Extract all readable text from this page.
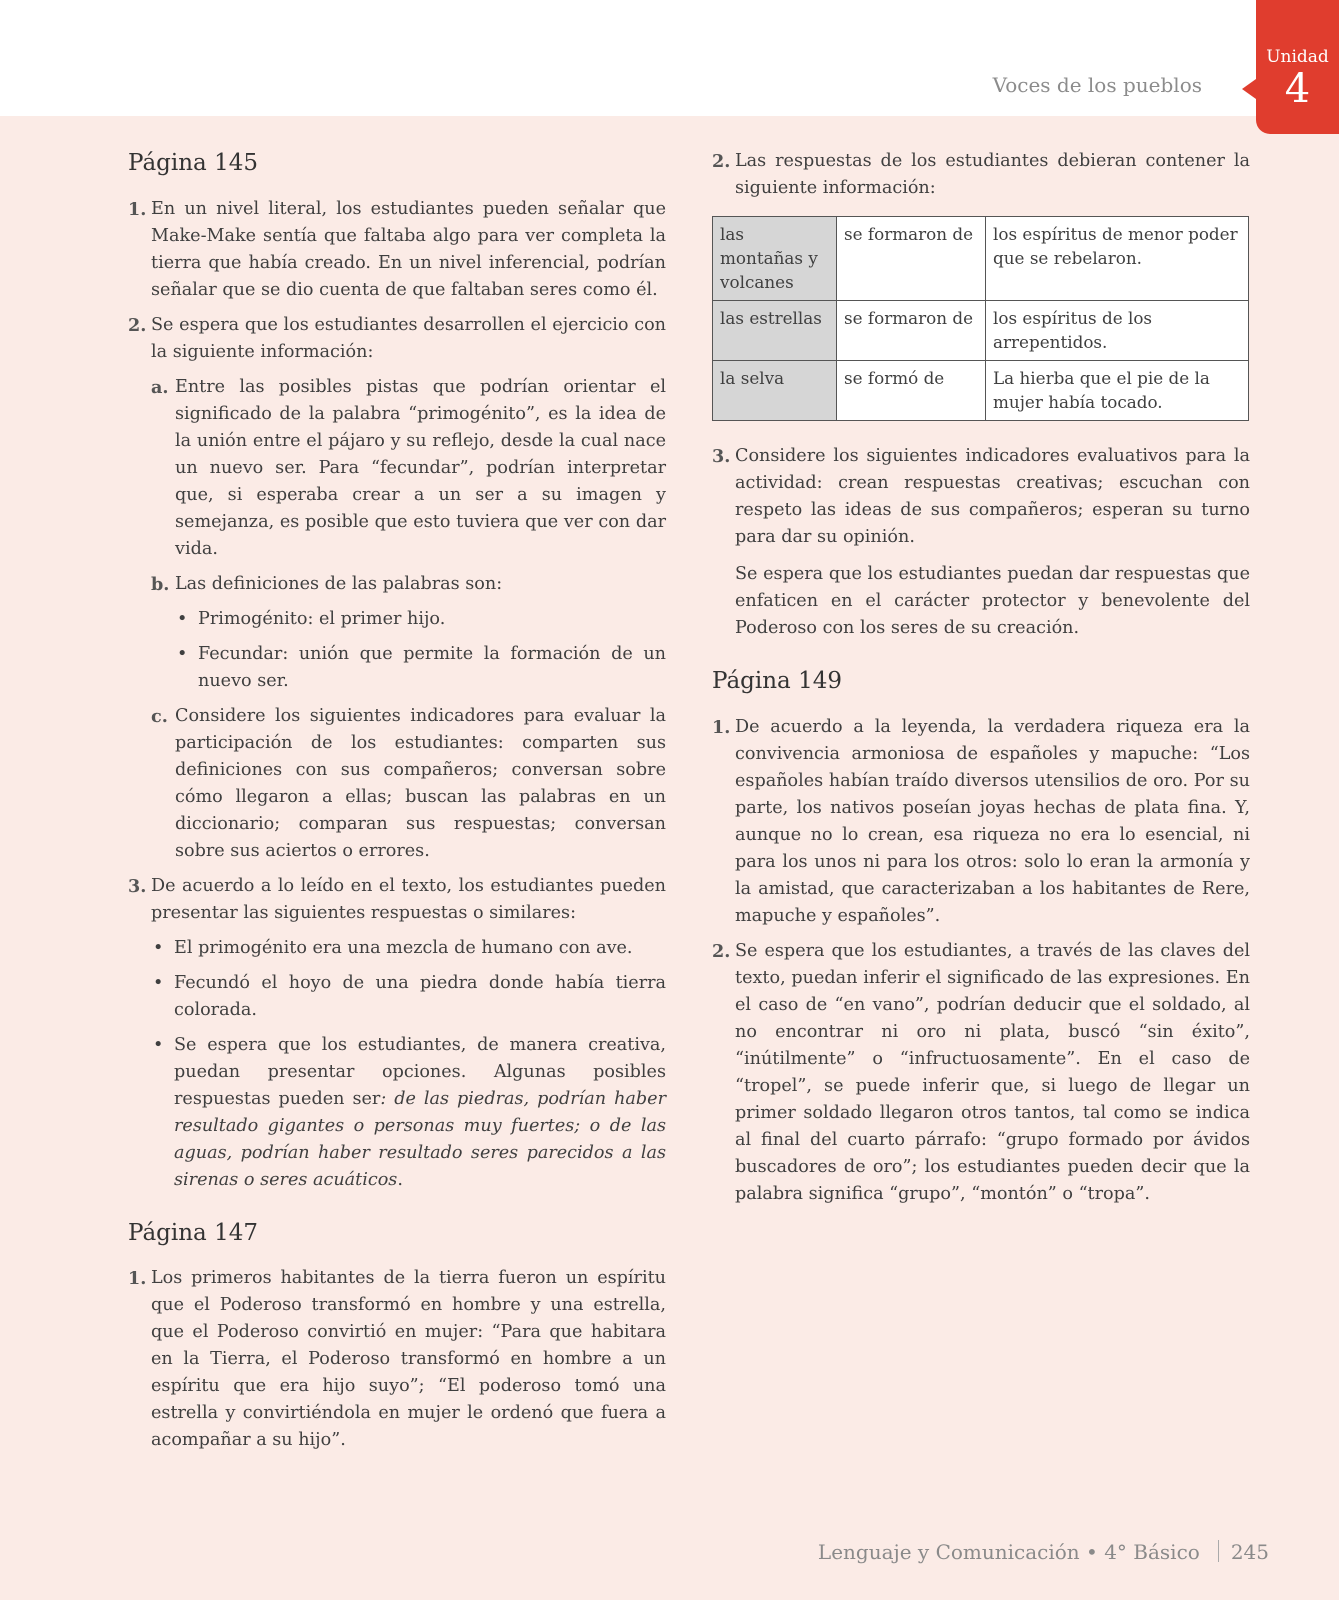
Voces de los pueblos
Unidad
4
Página 145
1. En un nivel literal, los estudiantes pueden señalar que Make-Make sentía que faltaba algo para ver completa la tierra que había creado. En un nivel inferencial, podrían señalar que se dio cuenta de que faltaban seres como él.
2. Se espera que los estudiantes desarrollen el ejercicio con la siguiente información:
a. Entre las posibles pistas que podrían orientar el significado de la palabra “primogénito”, es la idea de la unión entre el pájaro y su reflejo, desde la cual nace un nuevo ser. Para “fecundar”, podrían interpretar que, si esperaba crear a un ser a su imagen y semejanza, es posible que esto tuviera que ver con dar vida.
b. Las definiciones de las palabras son:
• Primogénito: el primer hijo.
• Fecundar: unión que permite la formación de un nuevo ser.
c. Considere los siguientes indicadores para evaluar la participación de los estudiantes: comparten sus definiciones con sus compañeros; conversan sobre cómo llegaron a ellas; buscan las palabras en un diccionario; comparan sus respuestas; conversan sobre sus aciertos o errores.
3. De acuerdo a lo leído en el texto, los estudiantes pueden presentar las siguientes respuestas o similares:
• El primogénito era una mezcla de humano con ave.
• Fecundó el hoyo de una piedra donde había tierra colorada.
• Se espera que los estudiantes, de manera creativa, puedan presentar opciones. Algunas posibles respuestas pueden ser: de las piedras, podrían haber resultado gigantes o personas muy fuertes; o de las aguas, podrían haber resultado seres parecidos a las sirenas o seres acuáticos.
Página 147
1. Los primeros habitantes de la tierra fueron un espíritu que el Poderoso transformó en hombre y una estrella, que el Poderoso convirtió en mujer: “Para que habitara en la Tierra, el Poderoso transformó en hombre a un espíritu que era hijo suyo”; “El poderoso tomó una estrella y convirtiéndola en mujer le ordenó que fuera a acompañar a su hijo”.
2. Las respuestas de los estudiantes debieran contener la siguiente información:
las montañas y volcanes	se formaron de	los espíritus de menor poder que se rebelaron.
las estrellas	se formaron de	los espíritus de los arrepentidos.
la selva	se formó de	La hierba que el pie de la mujer había tocado.
3. Considere los siguientes indicadores evaluativos para la actividad: crean respuestas creativas; escuchan con respeto las ideas de sus compañeros; esperan su turno para dar su opinión.
Se espera que los estudiantes puedan dar respuestas que enfaticen en el carácter protector y benevolente del Poderoso con los seres de su creación.
Página 149
1. De acuerdo a la leyenda, la verdadera riqueza era la convivencia armoniosa de españoles y mapuche: “Los españoles habían traído diversos utensilios de oro. Por su parte, los nativos poseían joyas hechas de plata fina. Y, aunque no lo crean, esa riqueza no era lo esencial, ni para los unos ni para los otros: solo lo eran la armonía y la amistad, que caracterizaban a los habitantes de Rere, mapuche y españoles”.
2. Se espera que los estudiantes, a través de las claves del texto, puedan inferir el significado de las expresiones. En el caso de “en vano”, podrían deducir que el soldado, al no encontrar ni oro ni plata, buscó “sin éxito”, “inútilmente” o “infructuosamente”. En el caso de “tropel”, se puede inferir que, si luego de llegar un primer soldado llegaron otros tantos, tal como se indica al final del cuarto párrafo: “grupo formado por ávidos buscadores de oro”; los estudiantes pueden decir que la palabra significa “grupo”, “montón” o “tropa”.
Lenguaje y Comunicación • 4° Básico 245
